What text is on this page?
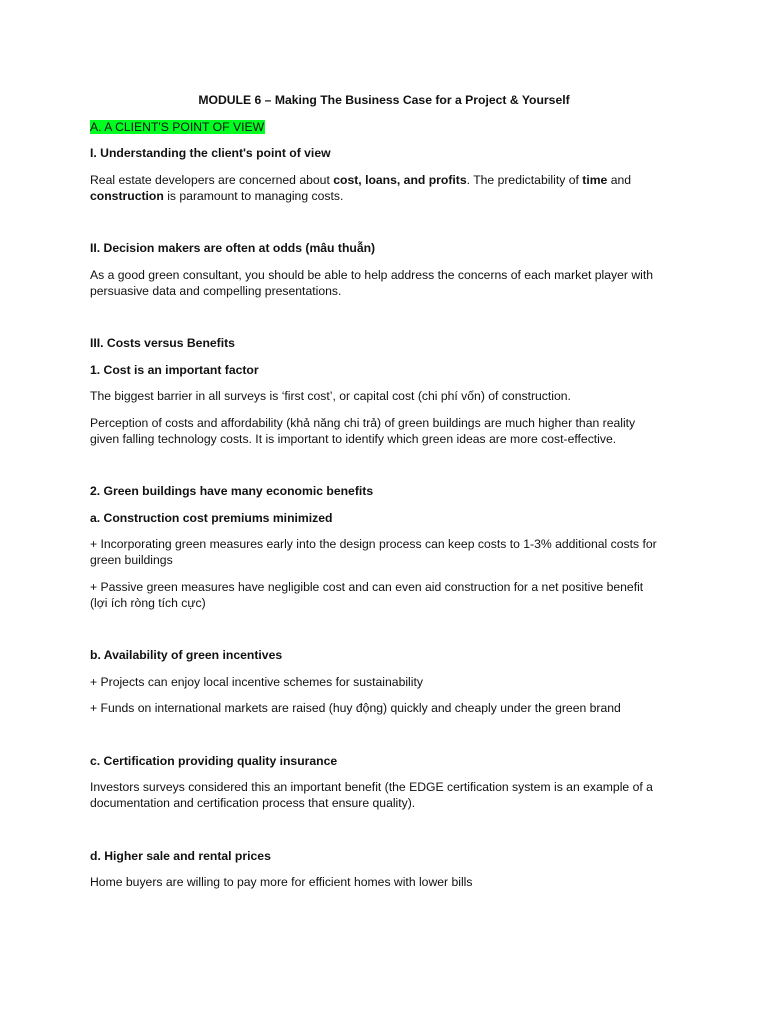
MODULE 6 – Making The Business Case for a Project & Yourself
A. A CLIENT'S POINT OF VIEW
I. Understanding the client's point of view
Real estate developers are concerned about cost, loans, and profits. The predictability of time and
construction is paramount to managing costs.
II. Decision makers are often at odds (mâu thuẫn)
As a good green consultant, you should be able to help address the concerns of each market player with
persuasive data and compelling presentations.
III. Costs versus Benefits
1. Cost is an important factor
The biggest barrier in all surveys is ‘first cost’, or capital cost (chi phí vốn) of construction.
Perception of costs and affordability (khả năng chi trả) of green buildings are much higher than reality
given falling technology costs. It is important to identify which green ideas are more cost-effective.
2. Green buildings have many economic benefits
a. Construction cost premiums minimized
+ Incorporating green measures early into the design process can keep costs to 1-3% additional costs for
green buildings
+ Passive green measures have negligible cost and can even aid construction for a net positive benefit
(lợi ích ròng tích cực)
b. Availability of green incentives
+ Projects can enjoy local incentive schemes for sustainability
+ Funds on international markets are raised (huy động) quickly and cheaply under the green brand
c. Certification providing quality insurance
Investors surveys considered this an important benefit (the EDGE certification system is an example of a
documentation and certification process that ensure quality).
d. Higher sale and rental prices
Home buyers are willing to pay more for efficient homes with lower bills
